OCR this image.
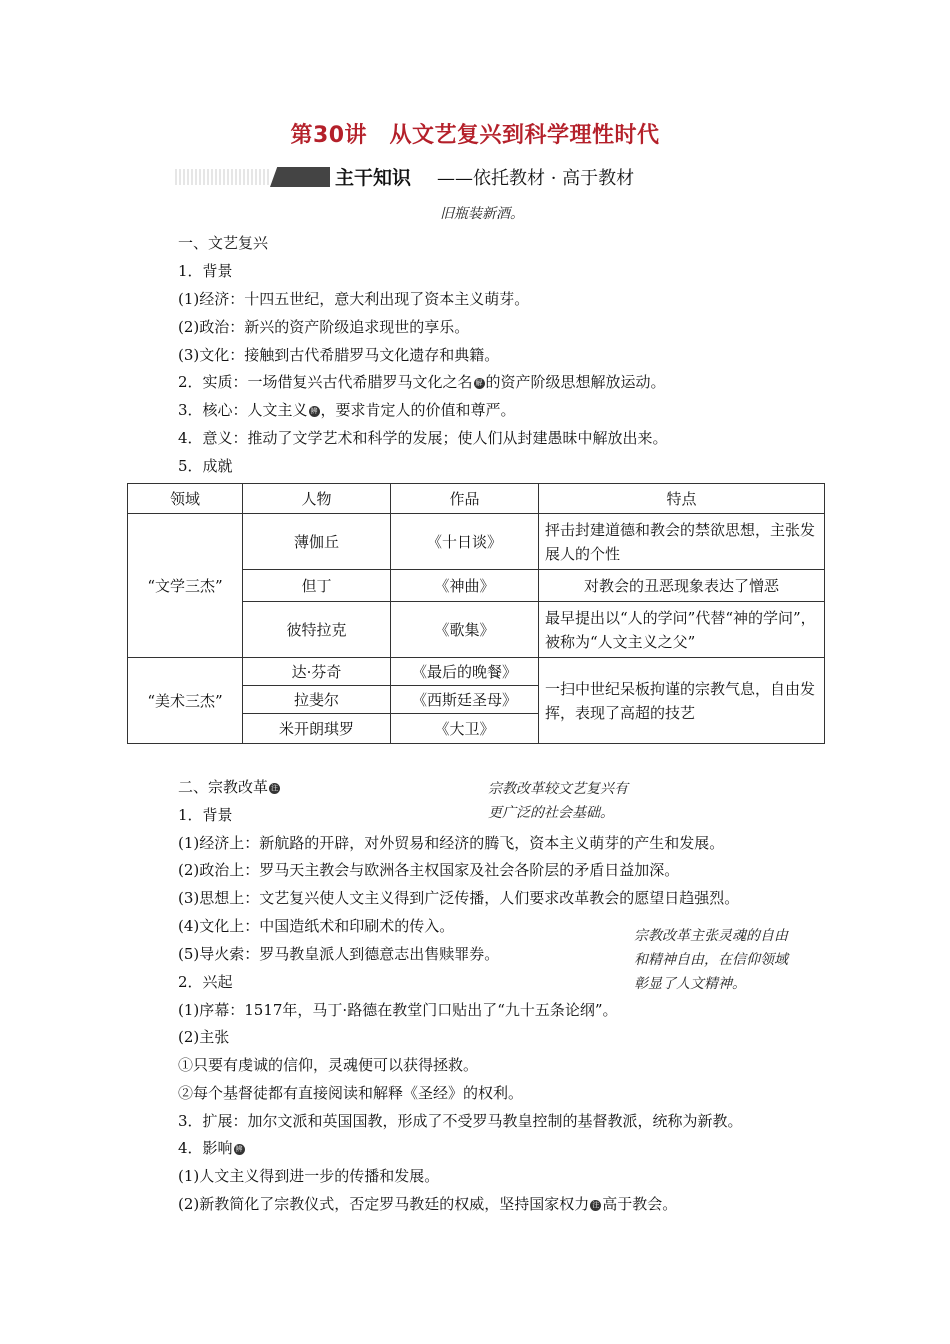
第30讲　从文艺复兴到科学理性时代
主干知识 ——依托教材 · 高于教材
旧瓶装新酒。
一、文艺复兴
1．背景
(1)经济：十四五世纪，意大利出现了资本主义萌芽。
(2)政治：新兴的资产阶级追求现世的享乐。
(3)文化：接触到古代希腊罗马文化遗存和典籍。
2．实质：一场借复兴古代希腊罗马文化之名 解 的资产阶级思想解放运动。
3．核心：人文主义 辨 ，要求肯定人的价值和尊严。
4．意义：推动了文学艺术和科学的发展；使人们从封建愚昧中解放出来。
5．成就
领域	人物	作品	特点
“文学三杰”	薄伽丘	《十日谈》	抨击封建道德和教会的禁欲思想，主张发展人的个性
	但丁	《神曲》	对教会的丑恶现象表达了憎恶
	彼特拉克	《歌集》	最早提出以“人的学问”代替“神的学问”，被称为“人文主义之父”
“美术三杰”	达·芬奇	《最后的晚餐》	一扫中世纪呆板拘谨的宗教气息，自由发挥，表现了高超的技艺
	拉斐尔	《西斯廷圣母》	
	米开朗琪罗	《大卫》	
二、宗教改革 注	宗教改革较文艺复兴有
更广泛的社会基础。
1．背景
(1)经济上：新航路的开辟，对外贸易和经济的腾飞，资本主义萌芽的产生和发展。
(2)政治上：罗马天主教会与欧洲各主权国家及社会各阶层的矛盾日益加深。
(3)思想上：文艺复兴使人文主义得到广泛传播，人们要求改革教会的愿望日趋强烈。
(4)文化上：中国造纸术和印刷术的传入。
(5)导火索：罗马教皇派人到德意志出售赎罪券。
宗教改革主张灵魂的自由
和精神自由，在信仰领域
彰显了人文精神。
2．兴起
(1)序幕：1517年，马丁·路德在教堂门口贴出了“九十五条论纲”。
(2)主张
①只要有虔诚的信仰，灵魂便可以获得拯救。
②每个基督徒都有直接阅读和解释《圣经》的权利。
3．扩展：加尔文派和英国国教，形成了不受罗马教皇控制的基督教派，统称为新教。
4．影响 辨
(1)人文主义得到进一步的传播和发展。
(2)新教简化了宗教仪式，否定罗马教廷的权威，坚持国家权力 注 高于教会。
